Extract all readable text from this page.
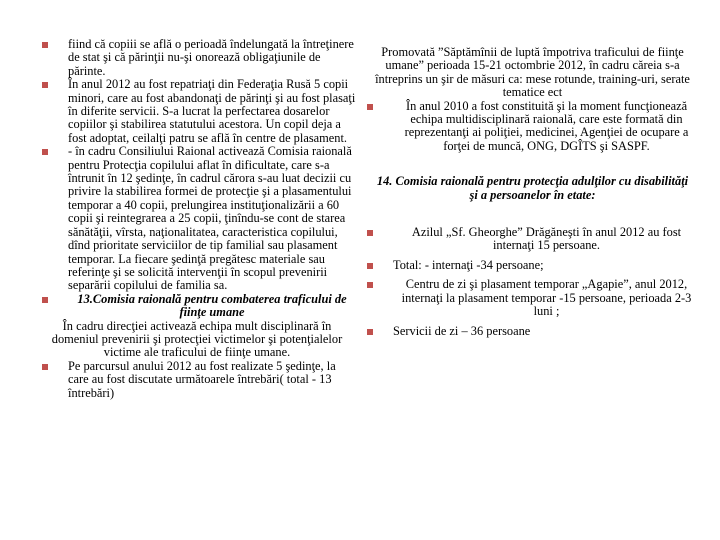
fiind că copiii se află o perioadă îndelungată la întreţinere de stat şi că părinţii nu-şi onorează obligaţiunile de părinte.
În anul 2012 au fost repatriaţi din Federaţia Rusă 5 copii minori, care au fost abandonaţi de părinţi şi au fost plasaţi în diferite servicii. S-a lucrat la perfectarea dosarelor copiilor şi stabilirea statutului acestora. Un copil deja a fost adoptat, ceilalţi patru se află în centre de plasament.
- în cadru Consiliului Raional activează Comisia raională pentru Protecţia copilului aflat în dificultate, care s-a întrunit în 12 şedinţe, în cadrul cărora s-au luat decizii cu privire la stabilirea formei de protecţie şi a plasamentului temporar a 40 copii, prelungirea instituţionalizării a 60 copii şi reintegrarea a 25 copii, ţinîndu-se cont de starea sănătăţii, vîrsta, naţionalitatea, caracteristica copilului, dînd prioritate serviciilor de tip familial sau plasament temporar. La fiecare şedinţă pregătesc materiale sau referinţe şi se solicită intervenţii în scopul prevenirii separării copilului de familia sa.
13.Comisia raională pentru combaterea traficului de fiinţe umane
În cadru direcţiei activează echipa mult disciplinară în domeniul prevenirii şi protecţiei victimelor şi potenţialelor victime ale traficului de fiinţe umane.
Pe parcursul anului 2012 au fost realizate 5 şedinţe, la care au fost discutate următoarele întrebări( total - 13 întrebări)
Promovată ”Săptămînii de luptă împotriva traficului de fiinţe umane” perioada 15-21 octombrie 2012, în cadru căreia s-a întreprins un şir de măsuri ca: mese rotunde, training-uri, serate tematice ect
În anul 2010 a fost constituită şi la moment funcţionează echipa multidisciplinară raională, care este formată din reprezentanţi ai poliţiei, medicinei, Agenţiei de ocupare a forţei de muncă, ONG, DGÎTS şi SASPF.
14. Comisia raională pentru protecţia adulţilor cu disabilităţi şi a persoanelor în etate:
Azilul „Sf. Gheorghe” Drăgăneşti în anul 2012 au fost internaţi 15 persoane.
Total: - internaţi -34 persoane;
Centru de zi şi plasament temporar „Agapie”, anul 2012, internaţi la plasament temporar -15 persoane, perioada 2-3 luni ;
Servicii de zi – 36 persoane
